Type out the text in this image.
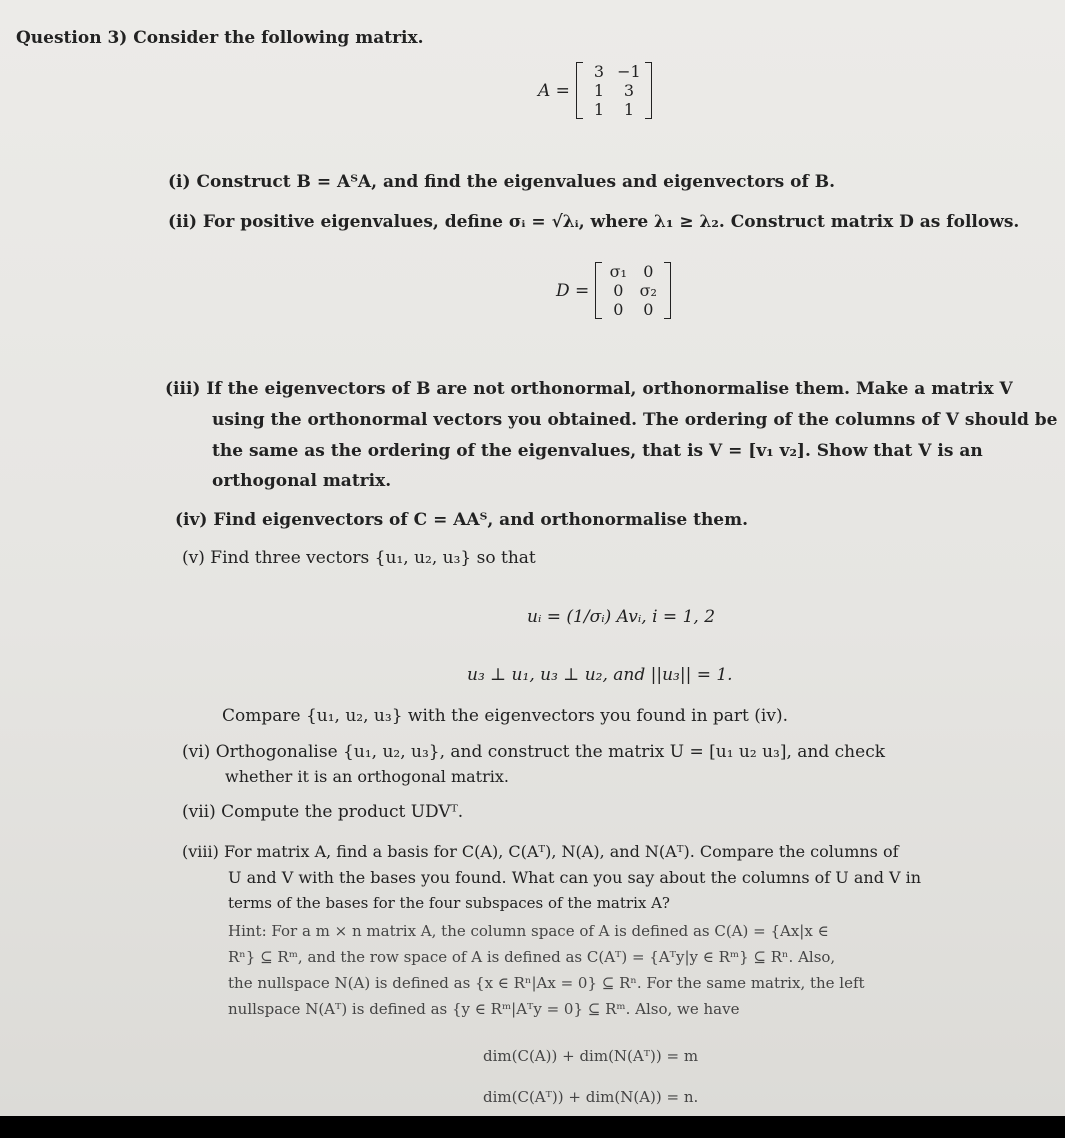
Question 3) Consider the following matrix.
A =
3 −1
1	3
1	1
(i) Construct B = AᵀA, and find the eigenvalues and eigenvectors of B.
(ii) For positive eigenvalues, define σᵢ = √λᵢ, where λ₁ ≥ λ₂. Construct matrix D as follows.
D =
σ₁	0
0	σ₂
0	0
(iii) If the eigenvectors of B are not orthonormal, orthonormalise them. Make a matrix V
using the orthonormal vectors you obtained. The ordering of the columns of V should be
the same as the ordering of the eigenvalues, that is V = [v₁ v₂]. Show that V is an
orthogonal matrix.
(iv) Find eigenvectors of C = AAᵀ, and orthonormalise them.
(v) Find three vectors {u₁, u₂, u₃} so that
uᵢ = (1/σᵢ) Avᵢ, i = 1, 2
u₃ ⊥ u₁, u₃ ⊥ u₂, and ||u₃|| = 1.
Compare {u₁, u₂, u₃} with the eigenvectors you found in part (iv).
(vi) Orthogonalise {u₁, u₂, u₃}, and construct the matrix U = [u₁ u₂ u₃], and check
whether it is an orthogonal matrix.
(vii) Compute the product UDVᵀ.
(viii) For matrix A, find a basis for C(A), C(Aᵀ), N(A), and N(Aᵀ). Compare the columns of
U and V with the bases you found. What can you say about the columns of U and V in
terms of the bases for the four subspaces of the matrix A?
Hint: For a m × n matrix A, the column space of A is defined as C(A) = {Ax|x ∈
Rⁿ} ⊆ Rᵐ, and the row space of A is defined as C(Aᵀ) = {Aᵀy|y ∈ Rᵐ} ⊆ Rⁿ. Also,
the nullspace N(A) is defined as {x ∈ Rⁿ|Ax = 0} ⊆ Rⁿ. For the same matrix, the left
nullspace N(Aᵀ) is defined as {y ∈ Rᵐ|Aᵀy = 0} ⊆ Rᵐ. Also, we have
dim(C(A)) + dim(N(Aᵀ)) = m
dim(C(Aᵀ)) + dim(N(A)) = n.
